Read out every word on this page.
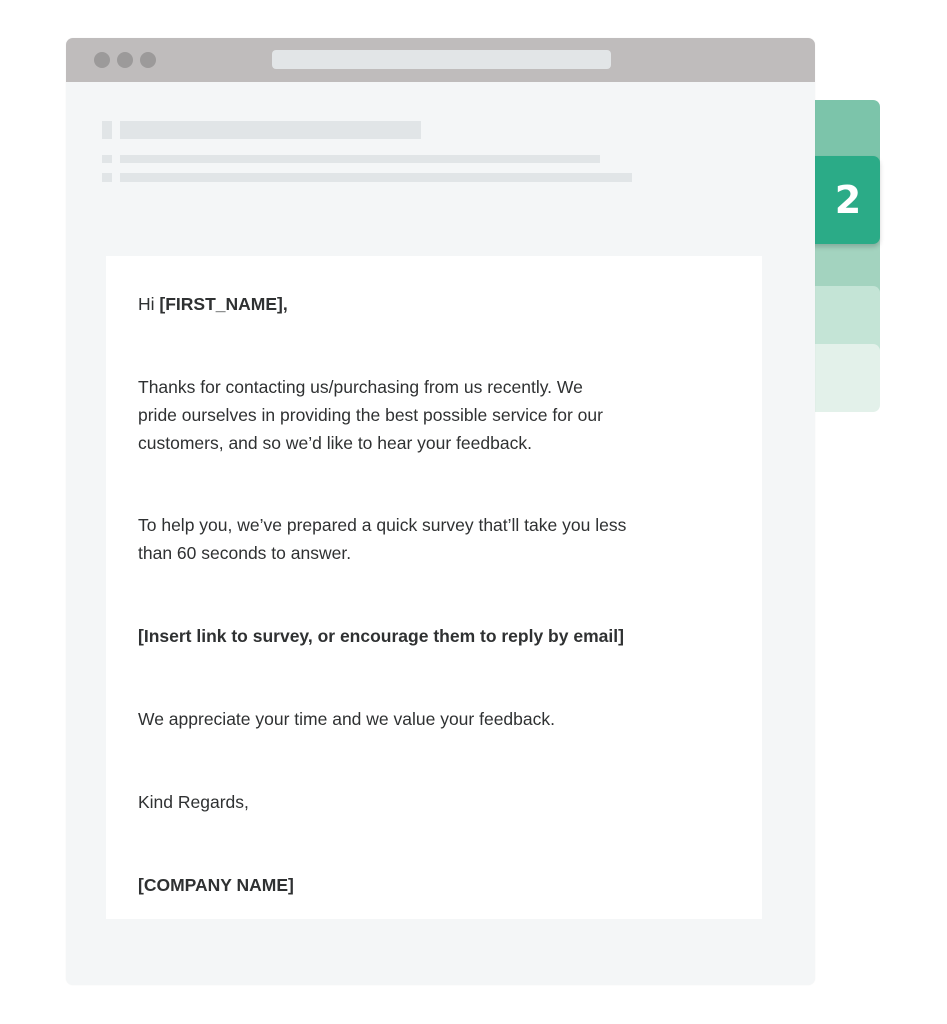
2

Hi [FIRST_NAME],

Thanks for contacting us/purchasing from us recently. We

pride ourselves in providing the best possible service for our

customers, and so we’d like to hear your feedback.

To help you, we’ve prepared a quick survey that’ll take you less

than 60 seconds to answer.

[Insert link to survey, or encourage them to reply by email]

We appreciate your time and we value your feedback.

Kind Regards,

[COMPANY NAME]
